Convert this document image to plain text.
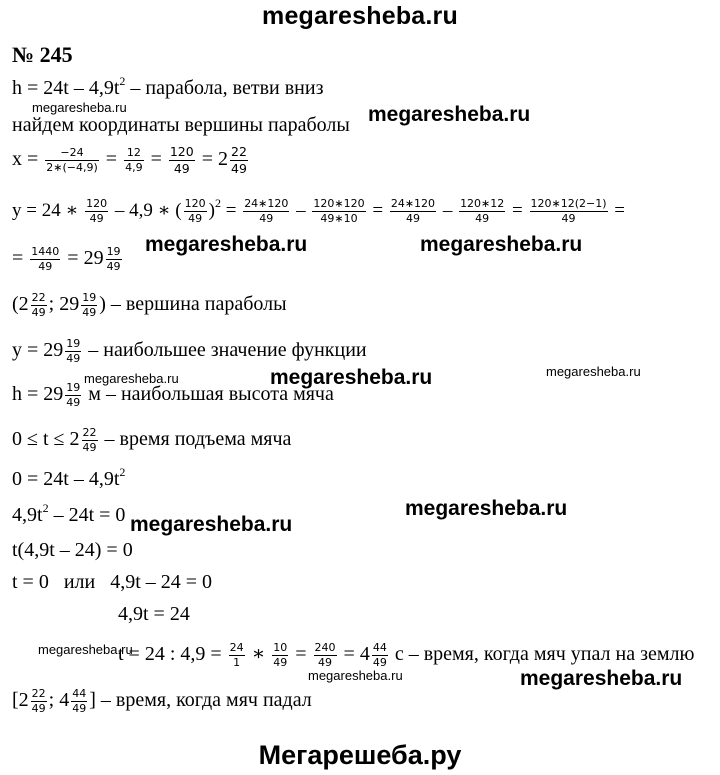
megaresheba.ru
№ 245
$h = 24t - 4,9t^2$ – парабола, ветви вниз
найдем координаты вершины параболы
$x = \frac{-24}{2∗(-4,9)} = \frac{12}{4,9} = \frac{120}{49} = 2 \frac{22}{49}$
y = 24 ∗ $\frac{120}{49} - 4,9$ ∗ ( $\frac{120}{49} )^2 = \frac{24∗120}{49} - \frac{120∗120}{49∗10} = \frac{24∗120}{49} - \frac{120∗12}{49} = \frac{120∗12(2-1)}{49}$ =
= $\frac{1440}{49} = 29 \frac{19}{49}$
($2 \frac{22}{49}$ ; $29 \frac{19}{49}$ ) – вершина параболы
$y = 29 \frac{19}{49}$ – наибольшее значение функции
$h = 29 \frac{19}{49}$ м – наибольшая высота мяча
$0 \le t \le 2 \frac{22}{49}$ – время подъема мяча
$0 = 24t - 4,9t^2$
$4,9t^2 - 24t = 0$
t(4,9t – 24) = 0
t = 0   или   4,9t – 24 = 0
4,9t = 24
t = 24 : $4,9 = \frac{24}{1}$ ∗ $\frac{10}{49} = \frac{240}{49} = 4 \frac{44}{49}$ с – время, когда мяч упал на землю
[$2 \frac{22}{49}$ ; $4 \frac{44}{49}$ ] – время, когда мяч падал
megaresheba.ru	megaresheba.ru
megaresheba.ru	megaresheba.ru
megaresheba.ru
megaresheba.ru	megaresheba.ru
megaresheba.ru
megaresheba.ru
megaresheba.ru
megaresheba.ru	megaresheba.ru
Мегарешеба.ру
